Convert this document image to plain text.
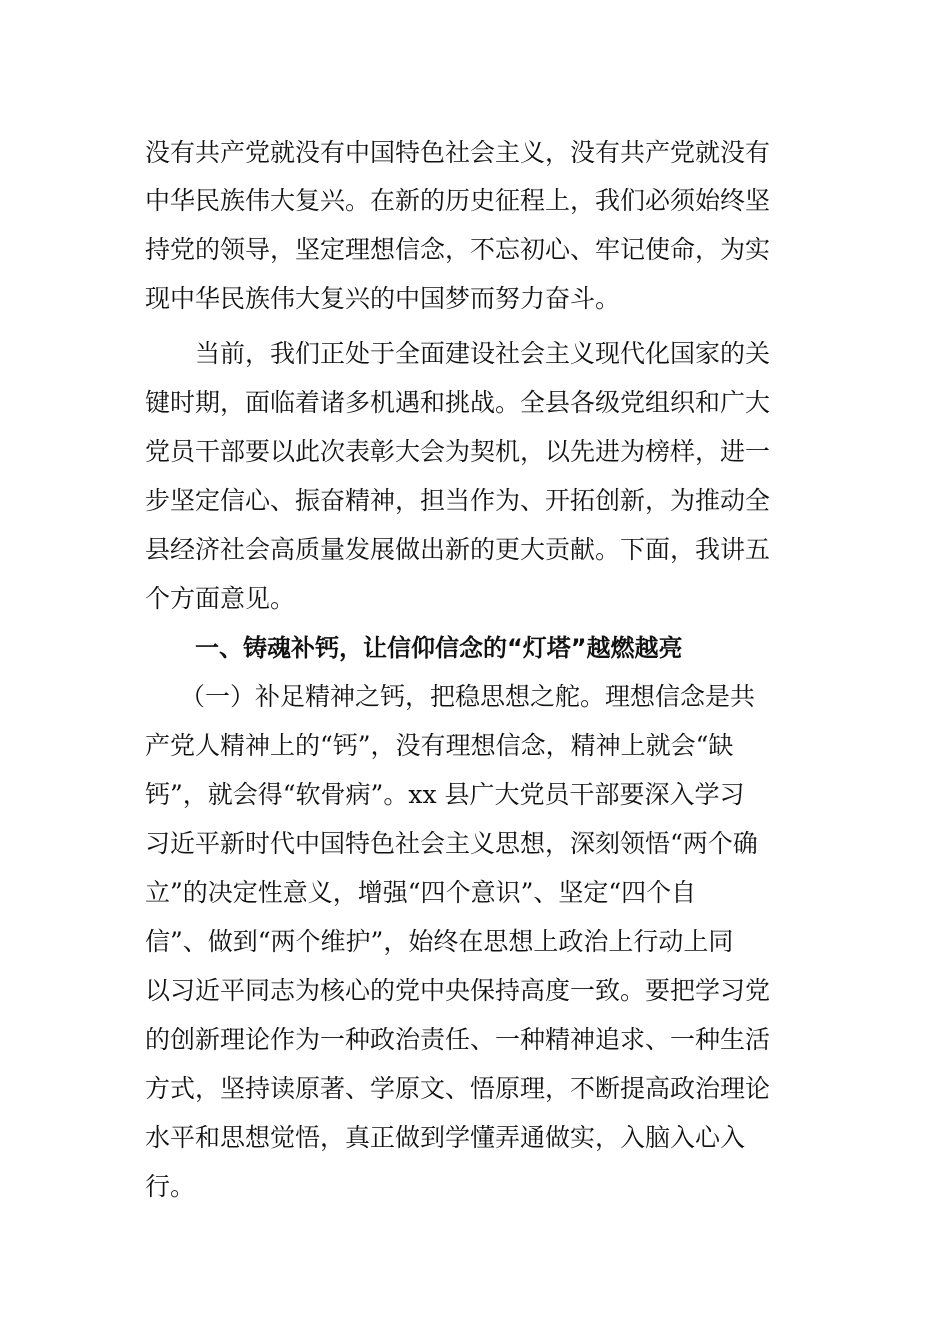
没有共产党就没有中国特色社会主义，没有共产党就没有
中华民族伟大复兴。在新的历史征程上，我们必须始终坚
持党的领导，坚定理想信念，不忘初心、牢记使命，为实
现中华民族伟大复兴的中国梦而努力奋斗。
当前，我们正处于全面建设社会主义现代化国家的关
键时期，面临着诸多机遇和挑战。全县各级党组织和广大
党员干部要以此次表彰大会为契机，以先进为榜样，进一
步坚定信心、振奋精神，担当作为、开拓创新，为推动全
县经济社会高质量发展做出新的更大贡献。下面，我讲五
个方面意见。
一、铸魂补钙，让信仰信念的“灯塔”越燃越亮
（一）补足精神之钙，把稳思想之舵。理想信念是共
产党人精神上的“钙”，没有理想信念，精神上就会“缺
钙”，就会得“软骨病”。xx 县广大党员干部要深入学习
习近平新时代中国特色社会主义思想，深刻领悟“两个确
立”的决定性意义，增强“四个意识”、坚定“四个自
信”、做到“两个维护”，始终在思想上政治上行动上同
以习近平同志为核心的党中央保持高度一致。要把学习党
的创新理论作为一种政治责任、一种精神追求、一种生活
方式，坚持读原著、学原文、悟原理，不断提高政治理论
水平和思想觉悟，真正做到学懂弄通做实，入脑入心入
行。
